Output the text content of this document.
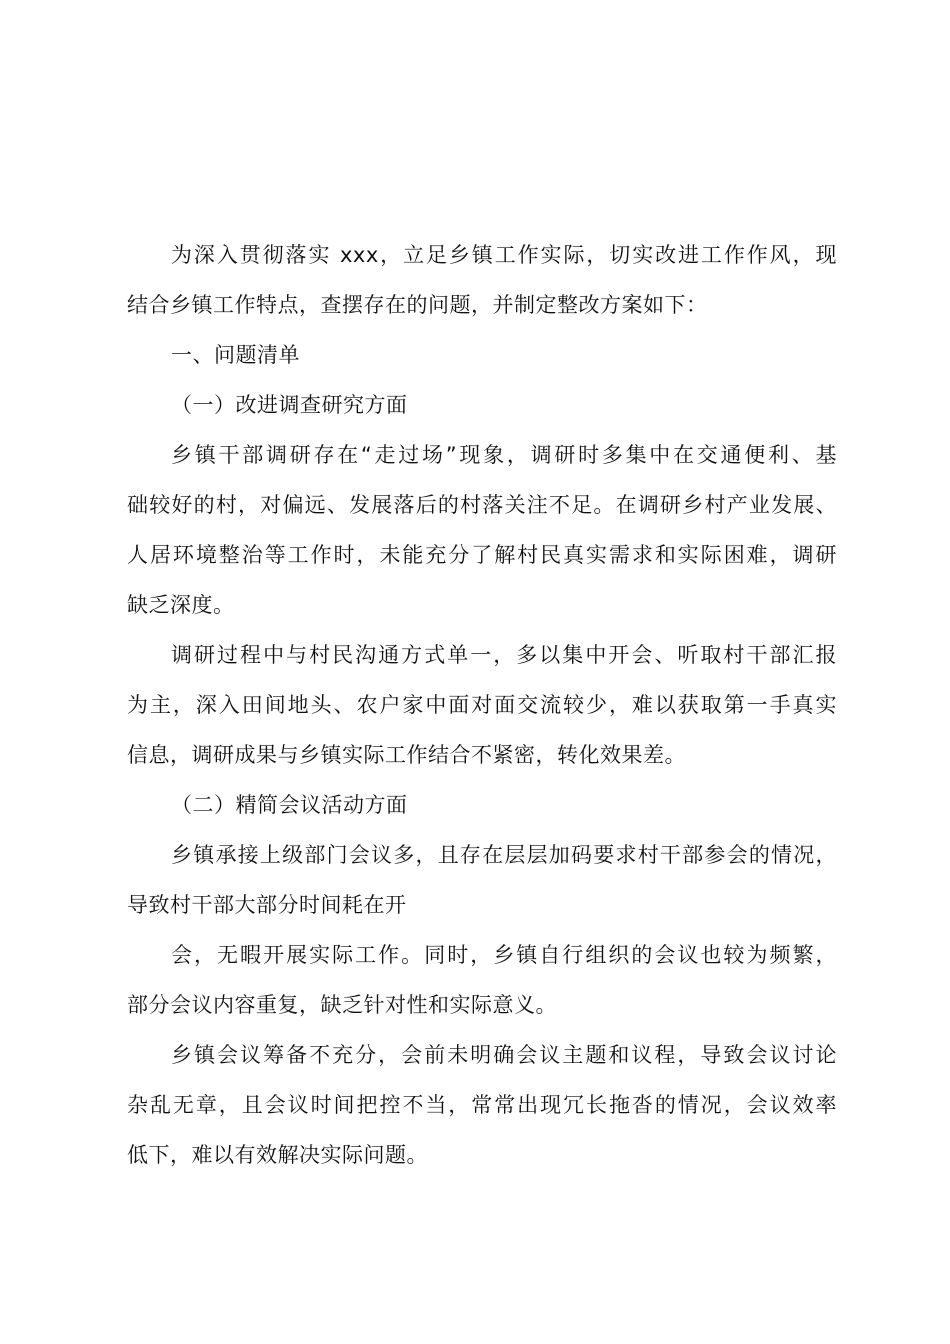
为深入贯彻落实 xxx，立足乡镇工作实际，切实改进工作作风，现
结合乡镇工作特点，查摆存在的问题，并制定整改方案如下：
一、问题清单
（一）改进调查研究方面
乡镇干部调研存在“走过场”现象，调研时多集中在交通便利、基
础较好的村，对偏远、发展落后的村落关注不足。在调研乡村产业发展、
人居环境整治等工作时，未能充分了解村民真实需求和实际困难，调研
缺乏深度。
调研过程中与村民沟通方式单一，多以集中开会、听取村干部汇报
为主，深入田间地头、农户家中面对面交流较少，难以获取第一手真实
信息，调研成果与乡镇实际工作结合不紧密，转化效果差。
（二）精简会议活动方面
乡镇承接上级部门会议多，且存在层层加码要求村干部参会的情况，
导致村干部大部分时间耗在开
会，无暇开展实际工作。同时，乡镇自行组织的会议也较为频繁，
部分会议内容重复，缺乏针对性和实际意义。
乡镇会议筹备不充分，会前未明确会议主题和议程，导致会议讨论
杂乱无章，且会议时间把控不当，常常出现冗长拖沓的情况，会议效率
低下，难以有效解决实际问题。
